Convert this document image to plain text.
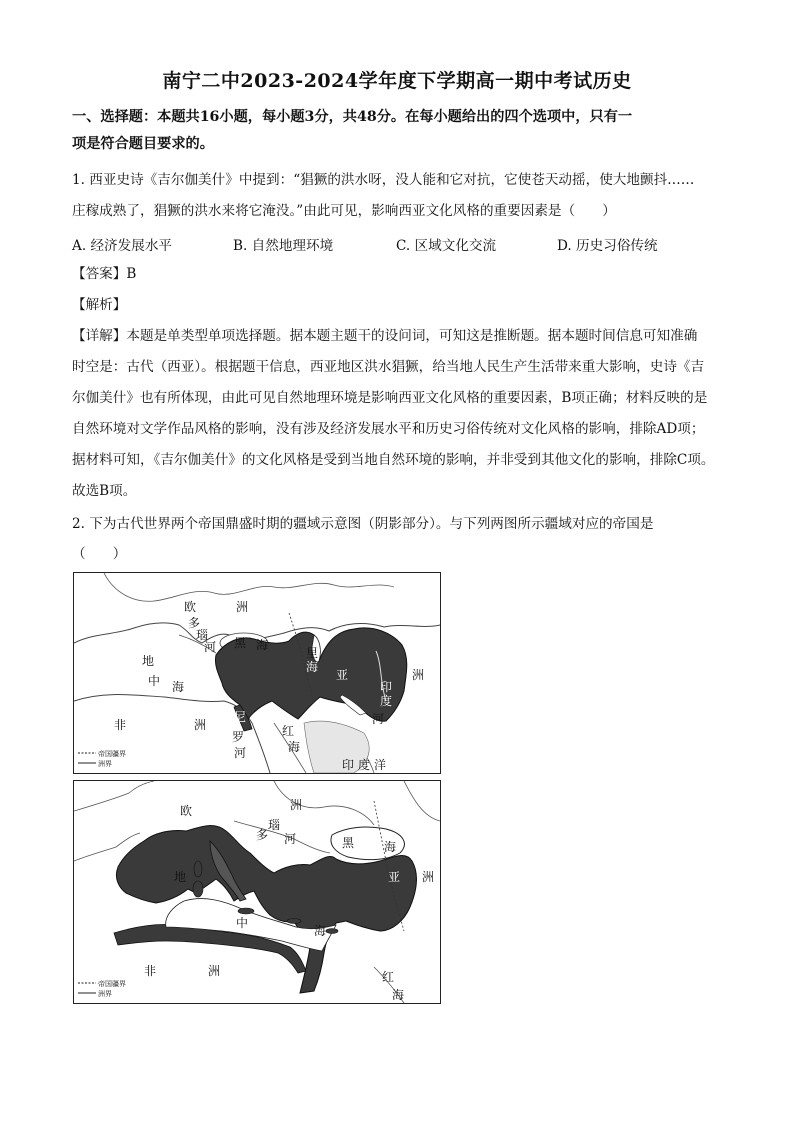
南宁二中2023-2024学年度下学期高一期中考试历史
一、选择题：本题共16小题，每小题3分，共48分。在每小题给出的四个选项中，只有一
项是符合题目要求的。
1. 西亚史诗《吉尔伽美什》中提到：“猖獗的洪水呀，没人能和它对抗，它使苍天动摇，使大地颤抖……
庄稼成熟了，猖獗的洪水来将它淹没。”由此可见，影响西亚文化风格的重要因素是（　　）
A. 经济发展水平	B. 自然地理环境	C. 区域文化交流	D. 历史习俗传统
【答案】B
【解析】
【详解】本题是单类型单项选择题。据本题主题干的设问词，可知这是推断题。据本题时间信息可知准确
时空是：古代（西亚）。根据题干信息，西亚地区洪水猖獗，给当地人民生产生活带来重大影响，史诗《吉
尔伽美什》也有所体现，由此可见自然地理环境是影响西亚文化风格的重要因素，B项正确；材料反映的是
自然环境对文学作品风格的影响，没有涉及经济发展水平和历史习俗传统对文化风格的影响，排除AD项；
据材料可知，《吉尔伽美什》的文化风格是受到当地自然环境的影响，并非受到其他文化的影响，排除C项。
故选B项。
2. 下为古代世界两个帝国鼎盛时期的疆域示意图（阴影部分）。与下列两图所示疆域对应的帝国是
（　　）
欧	洲
多
瑙
河 黑 海
里
海
地
中 海
亚	洲
印
度
河
非	洲
尼
罗
河
红
海
印 度 洋
帝国疆界
洲界
欧	洲
多
瑙
河	黑 海
地
中
海
亚 洲
非	洲	红
海
帝国疆界
洲界
